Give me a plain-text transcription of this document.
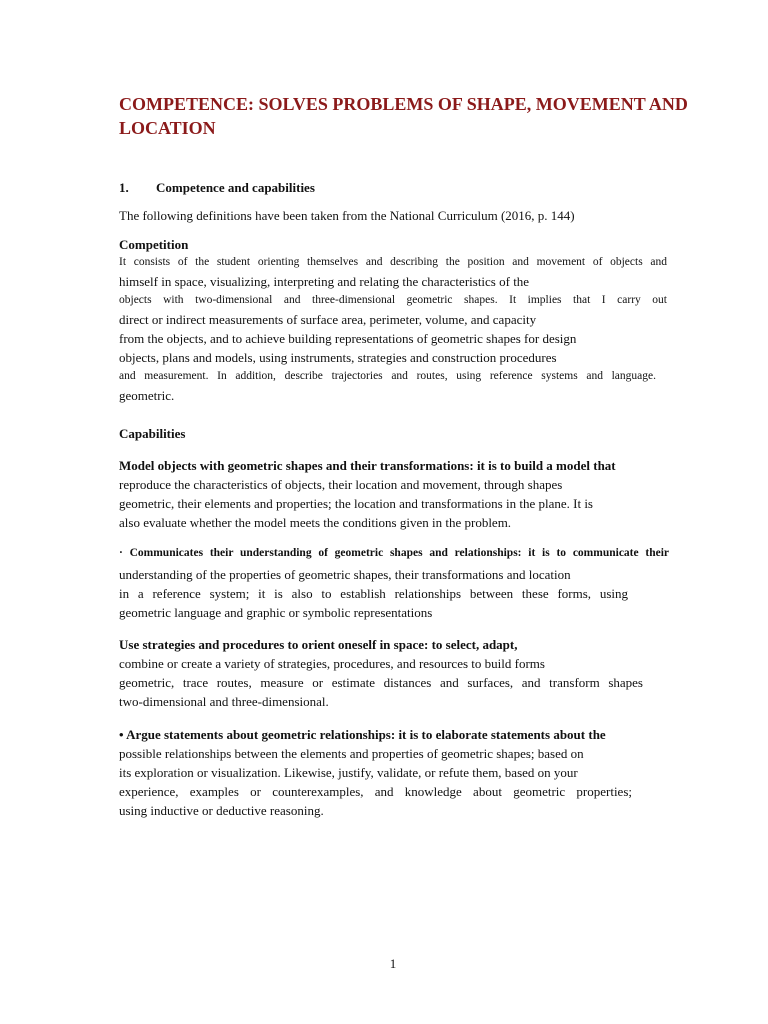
COMPETENCE: SOLVES PROBLEMS OF SHAPE, MOVEMENT AND
LOCATION
1. Competence and capabilities
The following definitions have been taken from the National Curriculum (2016, p. 144)
Competition
It consists of the student orienting themselves and describing the position and movement of objects and
himself in space, visualizing, interpreting and relating the characteristics of the
objects with two-dimensional and three-dimensional geometric shapes. It implies that I carry out
direct or indirect measurements of surface area, perimeter, volume, and capacity
from the objects, and to achieve building representations of geometric shapes for design
objects, plans and models, using instruments, strategies and construction procedures
and measurement. In addition, describe trajectories and routes, using reference systems and language.
geometric.
Capabilities
Model objects with geometric shapes and their transformations: it is to build a model that
reproduce the characteristics of objects, their location and movement, through shapes
geometric, their elements and properties; the location and transformations in the plane. It is
also evaluate whether the model meets the conditions given in the problem.
· Communicates their understanding of geometric shapes and relationships: it is to communicate their
understanding of the properties of geometric shapes, their transformations and location
in a reference system; it is also to establish relationships between these forms, using
geometric language and graphic or symbolic representations
Use strategies and procedures to orient oneself in space: to select, adapt,
combine or create a variety of strategies, procedures, and resources to build forms
geometric, trace routes, measure or estimate distances and surfaces, and transform shapes
two-dimensional and three-dimensional.
• Argue statements about geometric relationships: it is to elaborate statements about the
possible relationships between the elements and properties of geometric shapes; based on
its exploration or visualization. Likewise, justify, validate, or refute them, based on your
experience, examples or counterexamples, and knowledge about geometric properties;
using inductive or deductive reasoning.
1
